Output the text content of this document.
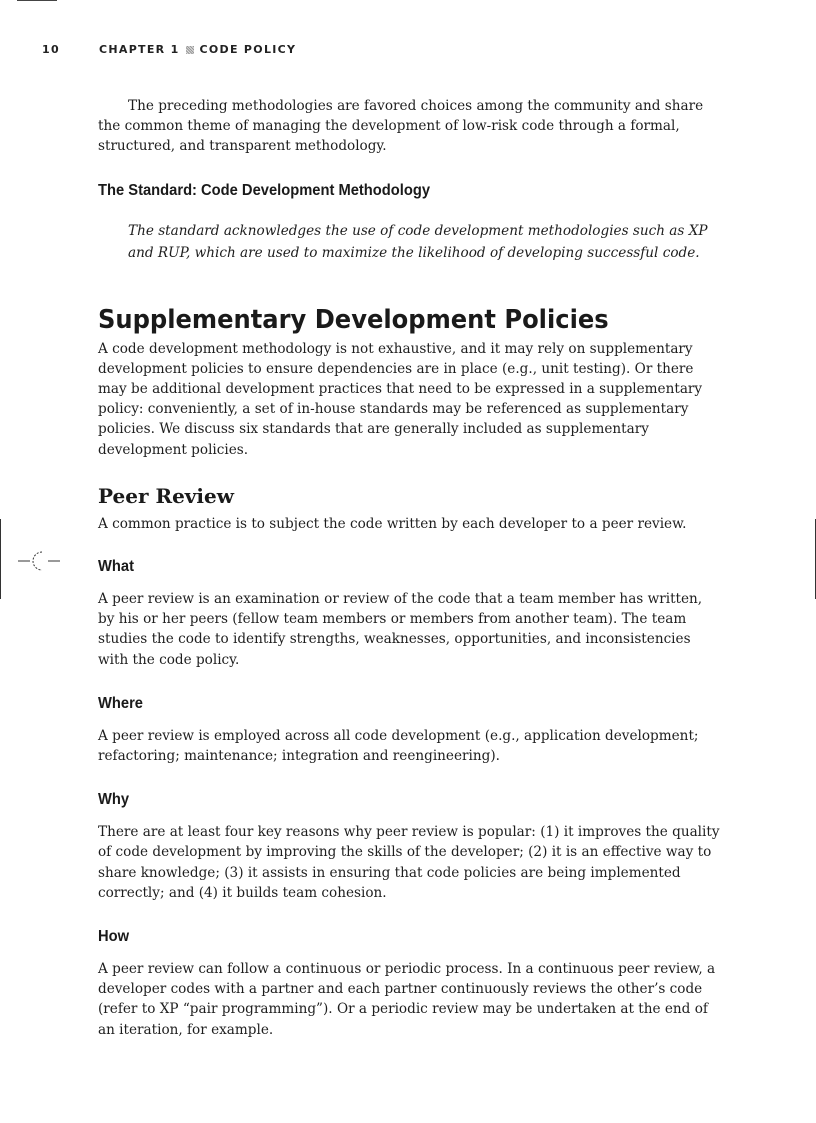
10	CHAPTER 1 CODE POLICY

The preceding methodologies are favored choices among the community and share the common theme of managing the development of low-risk code through a formal, structured, and transparent methodology.

The Standard: Code Development Methodology

The standard acknowledges the use of code development methodologies such as XP and RUP, which are used to maximize the likelihood of developing successful code.

Supplementary Development Policies

A code development methodology is not exhaustive, and it may rely on supplementary development policies to ensure dependencies are in place (e.g., unit testing). Or there may be additional development practices that need to be expressed in a supplementary policy: conveniently, a set of in-house standards may be referenced as supplementary policies. We discuss six standards that are generally included as supplementary development policies.

Peer Review

A common practice is to subject the code written by each developer to a peer review.

What

A peer review is an examination or review of the code that a team member has written, by his or her peers (fellow team members or members from another team). The team studies the code to identify strengths, weaknesses, opportunities, and inconsistencies with the code policy.

Where

A peer review is employed across all code development (e.g., application development; refactoring; maintenance; integration and reengineering).

Why

There are at least four key reasons why peer review is popular: (1) it improves the quality of code development by improving the skills of the developer; (2) it is an effective way to share knowledge; (3) it assists in ensuring that code policies are being implemented correctly; and (4) it builds team cohesion.

How

A peer review can follow a continuous or periodic process. In a continuous peer review, a developer codes with a partner and each partner continuously reviews the other’s code (refer to XP “pair programming”). Or a periodic review may be undertaken at the end of an iteration, for example.
